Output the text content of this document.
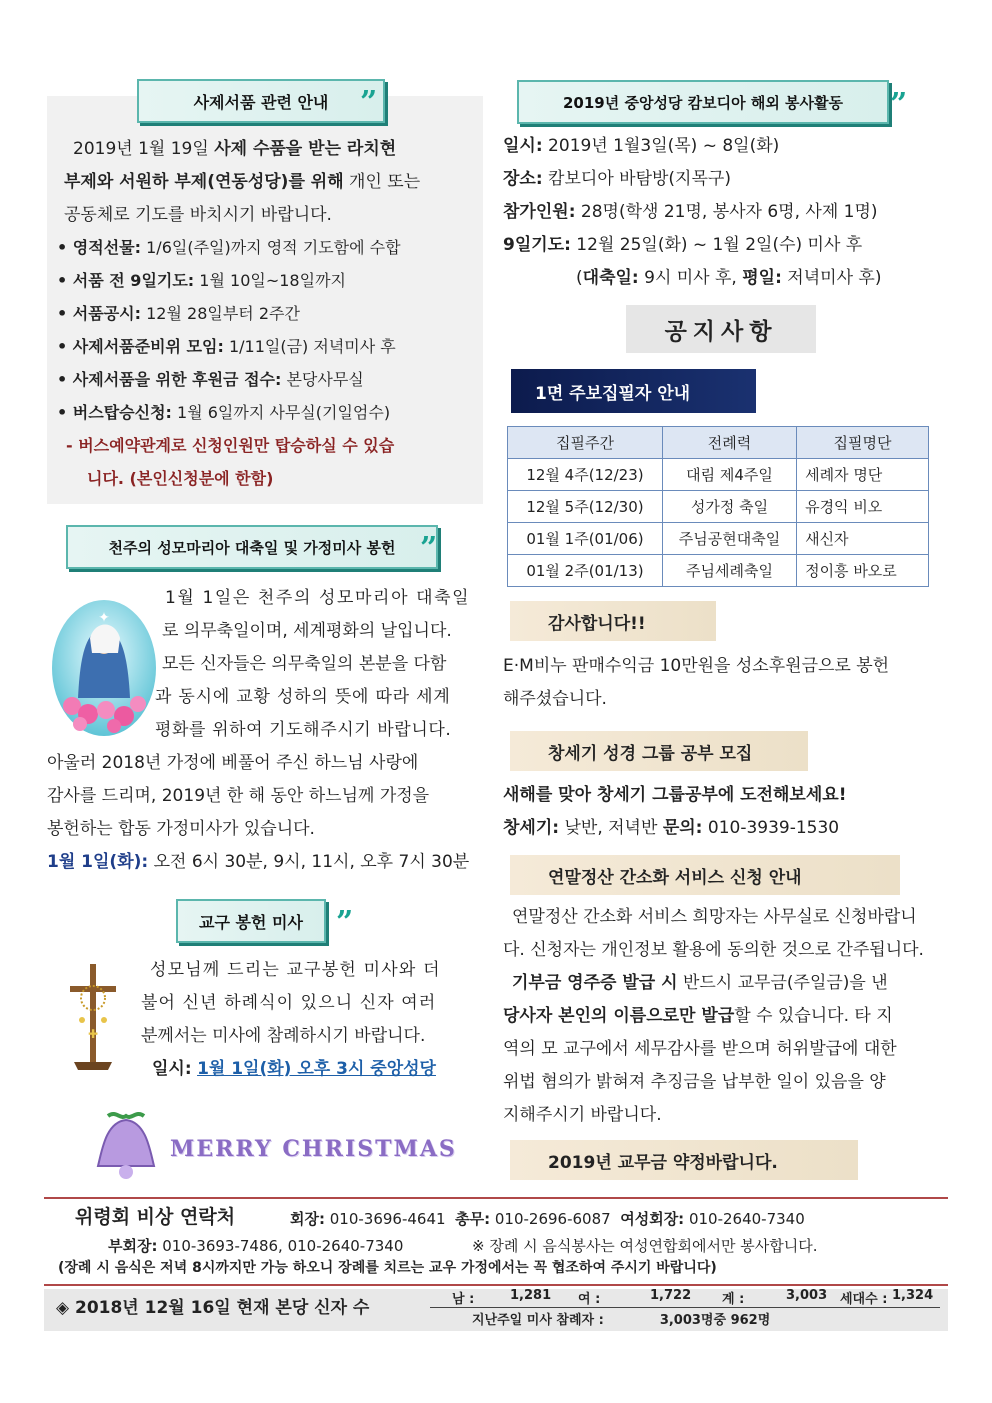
사제서품 관련 안내	”
2019년 1월 19일 사제 수품을 받는 라치현
부제와 서원하 부제(연동성당)를 위해 개인 또는
공동체로 기도를 바치시기 바랍니다.
• 영적선물: 1/6일(주일)까지 영적 기도함에 수합
• 서품 전 9일기도: 1월 10일~18일까지
• 서품공시: 12월 28일부터 2주간
• 사제서품준비위 모임: 1/11일(금) 저녁미사 후
• 사제서품을 위한 후원금 접수: 본당사무실
• 버스탑승신청: 1월 6일까지 사무실(기일엄수)
- 버스예약관계로 신청인원만 탑승하실 수 있습
니다. (본인신청분에 한함)
천주의 성모마리아 대축일 및 가정미사 봉헌 ”
✦
1월 1일은 천주의 성모마리아 대축일
로 의무축일이며, 세계평화의 날입니다.
모든 신자들은 의무축일의 본분을 다함
과 동시에 교황 성하의 뜻에 따라 세계
평화를 위하여 기도해주시기 바랍니다.
아울러 2018년 가정에 베풀어 주신 하느님 사랑에
감사를 드리며, 2019년 한 해 동안 하느님께 가정을
봉헌하는 합동 가정미사가 있습니다.
1월 1일(화): 오전 6시 30분, 9시, 11시, 오후 7시 30분
교구 봉헌 미사	”
✚
성모님께 드리는 교구봉헌 미사와 더
불어 신년 하례식이 있으니 신자 여러
분께서는 미사에 참례하시기 바랍니다.
일시: 1월 1일(화) 오후 3시 중앙성당
MERRY CHRISTMAS
2019년 중앙성당 캄보디아 해외 봉사활동	”
일시: 2019년 1월3일(목) ~ 8일(화)
장소: 캄보디아 바탐방(지목구)
참가인원: 28명(학생 21명, 봉사자 6명, 사제 1명)
9일기도: 12월 25일(화) ~ 1월 2일(수) 미사 후
(대축일: 9시 미사 후, 평일: 저녁미사 후)
공지사항
1면 주보집필자 안내
집필주간	전례력	집필명단
12월 4주(12/23)	대림 제4주일	세례자 명단
12월 5주(12/30)	성가정 축일	유경익 비오
01월 1주(01/06)	주님공현대축일	새신자
01월 2주(01/13)	주님세례축일	정이흥 바오로
감사합니다!!
E·M비누 판매수익금 10만원을 성소후원금으로 봉헌
해주셨습니다.
창세기 성경 그룹 공부 모집
새해를 맞아 창세기 그룹공부에 도전해보세요!
창세기: 낮반, 저녁반 문의: 010-3939-1530
연말정산 간소화 서비스 신청 안내
연말정산 간소화 서비스 희망자는 사무실로 신청바랍니
다. 신청자는 개인정보 활용에 동의한 것으로 간주됩니다.
기부금 영주증 발급 시 반드시 교무금(주일금)을 낸
당사자 본인의 이름으로만 발급할 수 있습니다. 타 지
역의 모 교구에서 세무감사를 받으며 허위발급에 대한
위법 혐의가 밝혀져 추징금을 납부한 일이 있음을 양
지해주시기 바랍니다.
2019년 교무금 약정바랍니다.
위령회 비상 연락처	회장: 010-3696-4641 총무: 010-2696-6087 여성회장: 010-2640-7340
부회장: 010-3693-7486, 010-2640-7340	※ 장례 시 음식봉사는 여성연합회에서만 봉사합니다.
(장례 시 음식은 저녁 8시까지만 가능 하오니 장례를 치르는 교우 가정에서는 꼭 협조하여 주시기 바랍니다)
◈ 2018년 12월 16일 현재 본당 신자 수	남 :	1,281 여 :	1,722 계 :	3,003 세대수 : 1,324
지난주일 미사 참례자 :	3,003명중 962명
